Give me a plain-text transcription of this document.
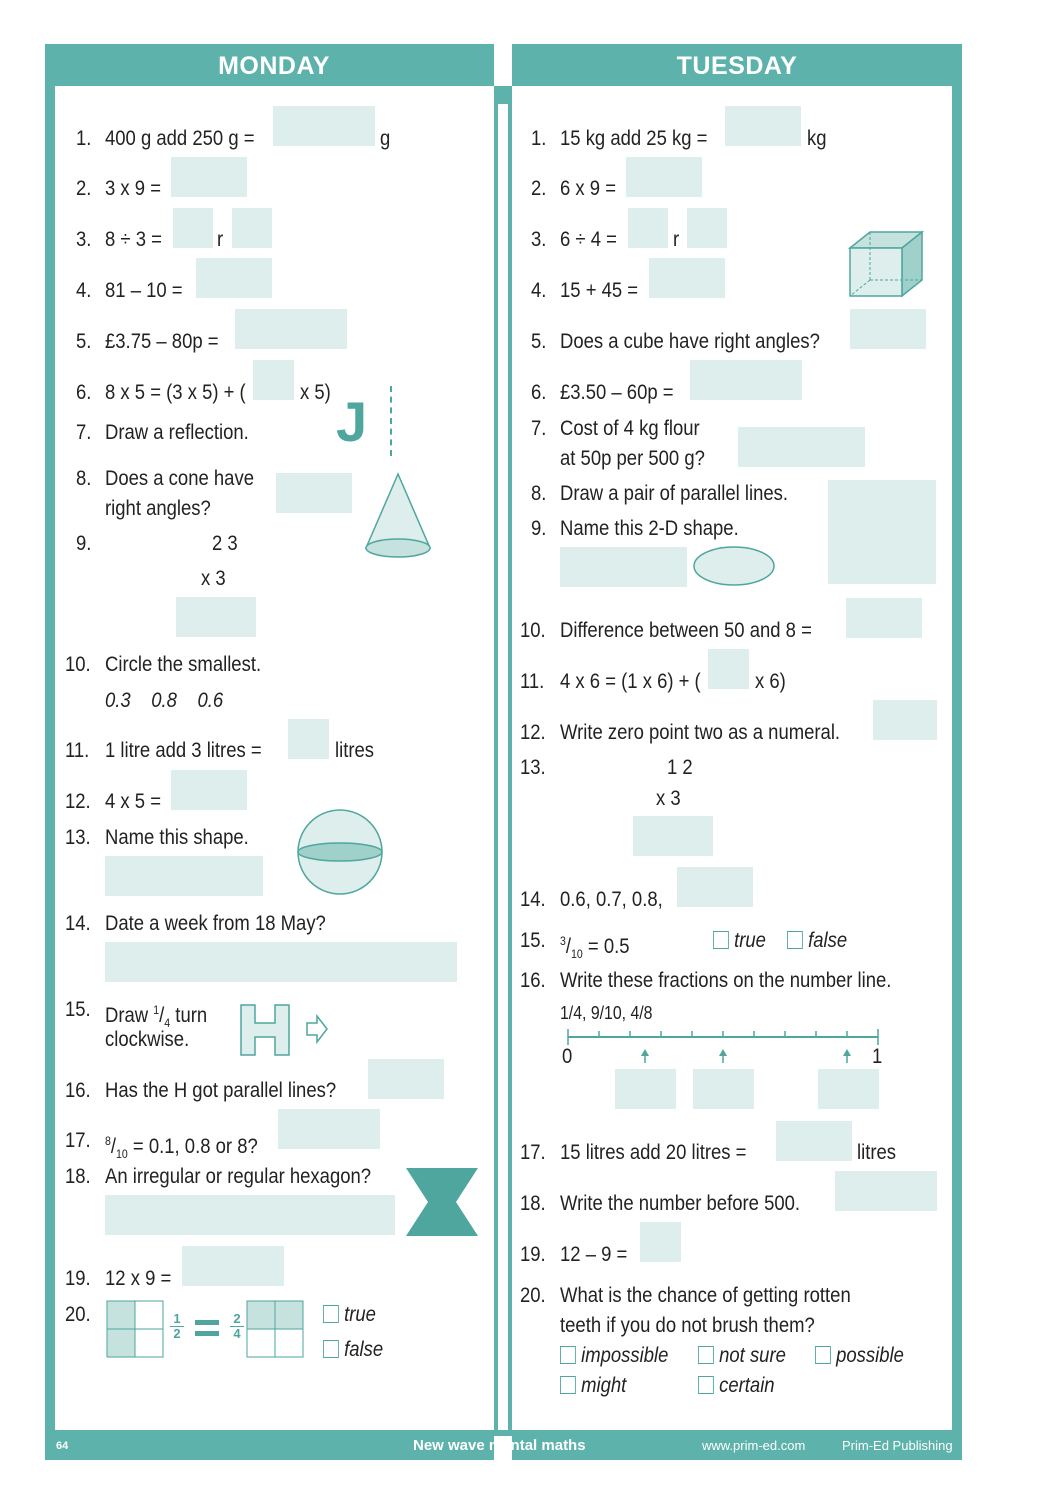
MONDAY	TUESDAY
1. 400 g add 250 g =	g
2. 3 x 9 =
3. 8 ÷ 3 =	r
4. 81 – 10 =
5. £3.75 – 80p =
6. 8 x 5 = (3 x 5) + (	x 5)
7. Draw a reflection. J
8. Does a cone have
right angles?
9.	2 3
x 3
10. Circle the smallest.
0.3    0.8    0.6
11. 1 litre add 3 litres =	litres
12. 4 x 5 =
13. Name this shape.
14. Date a week from 18 May?
15. Draw $^1/_4$ turn
clockwise.
16. Has the H got parallel lines?
17. $^8/_{10} = 0.1$, 0.8 or 8?
18. An irregular or regular hexagon?
19. 12 x 9 =
20.	1
2
2
4
true
false
1. 15 kg add 25 kg =	kg
2. 6 x 9 =
3. 6 ÷ 4 =	r
4. 15 + 45 =
5. Does a cube have right angles?
6. £3.50 – 60p =
7. Cost of 4 kg flour
at 50p per 500 g?
8. Draw a pair of parallel lines.
9. Name this 2-D shape.
10. Difference between 50 and 8 =
11. 4 x 6 = (1 x 6) + (	x 6)
12. Write zero point two as a numeral.
13.	1 2
x 3
14. 0.6, 0.7, 0.8,
15. $^3/_{10} = 0.5$	true	false
16. Write these fractions on the number line.
1/4, 9/10, 4/8
0	1
17. 15 litres add 20 litres =	litres
18. Write the number before 500.
19. 12 – 9 =
20. What is the chance of getting rotten
teeth if you do not brush them?
impossible	not sure	possible
might	certain
64	New wave mental maths	www.prim-ed.com	Prim-Ed Publishing
